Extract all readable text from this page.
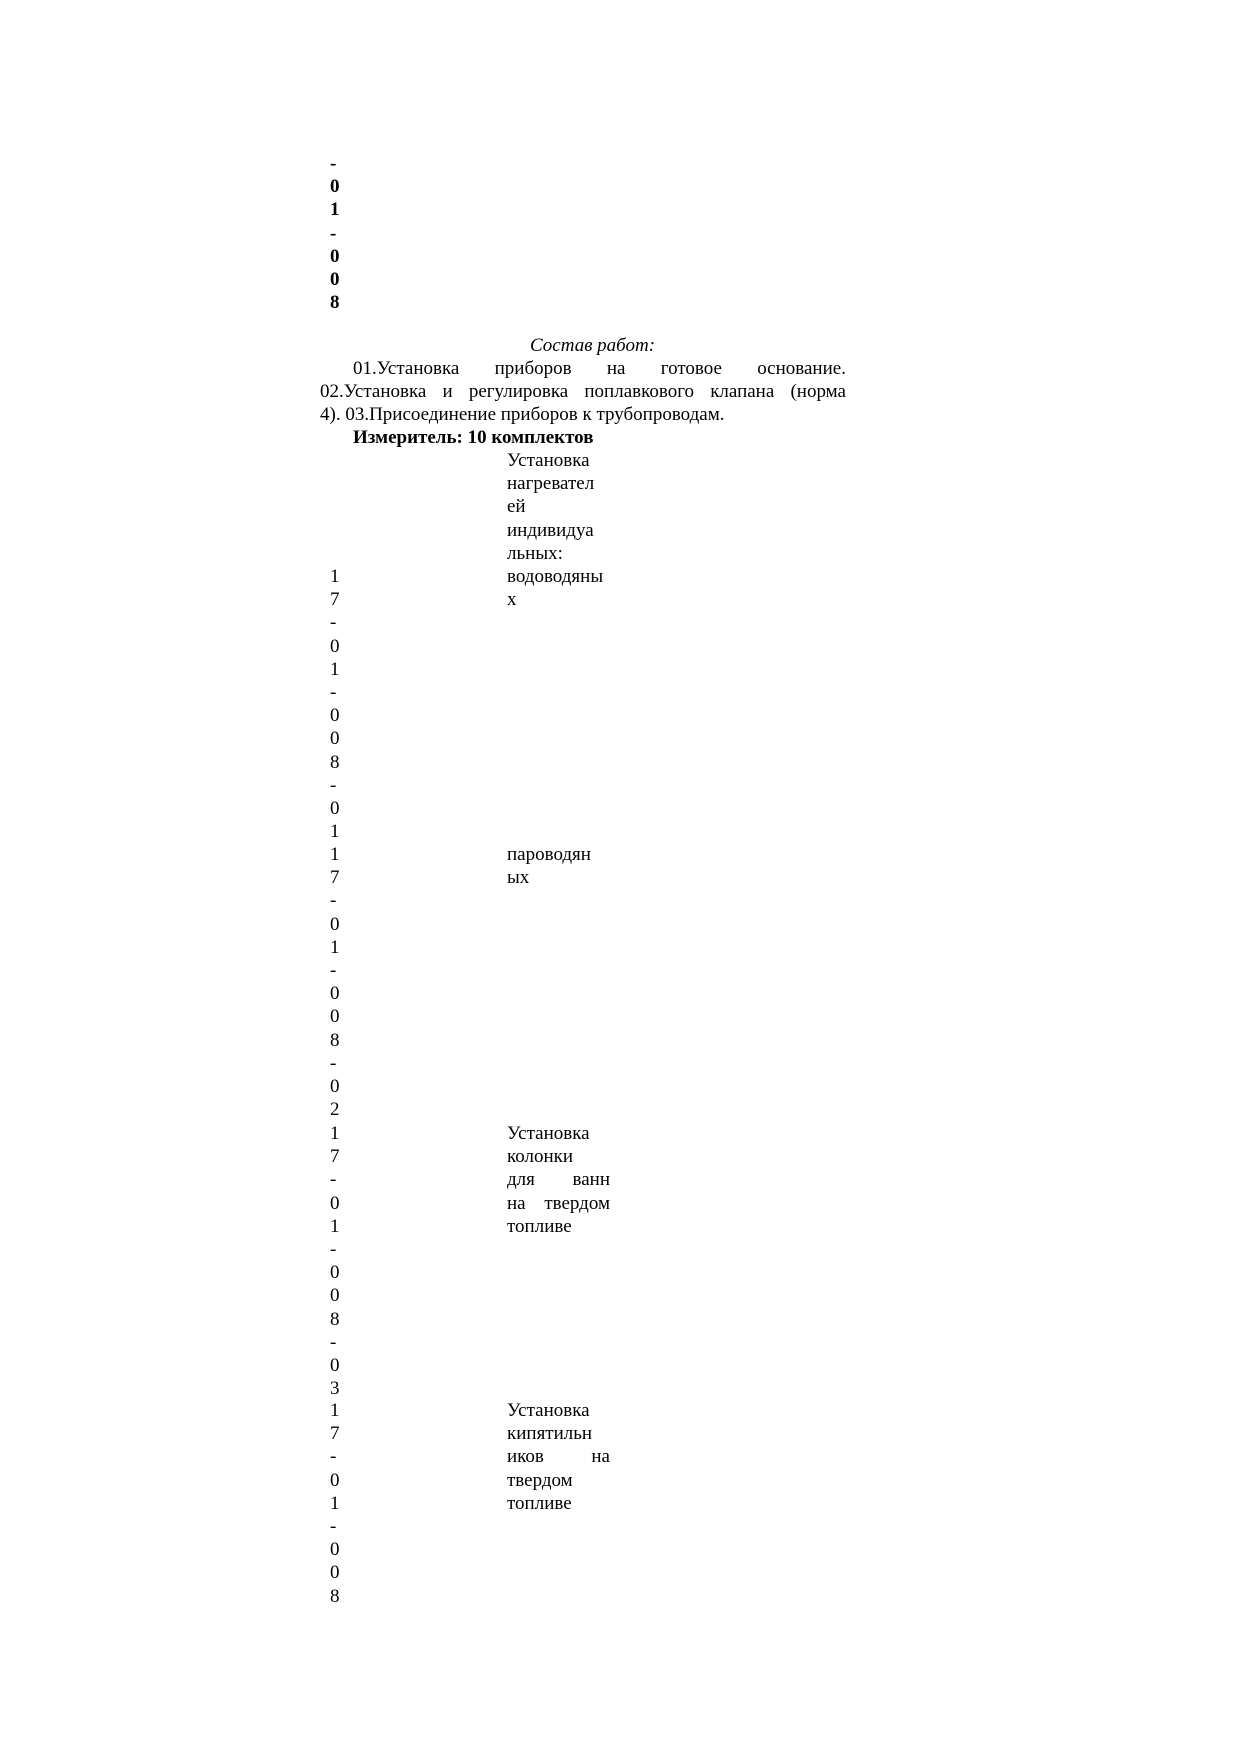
-
0
1
-
0
0
8
Состав работ:
01.Установка приборов на готовое основание.
02.Установка и регулировка поплавкового клапана (норма
4). 03.Присоединение приборов к трубопроводам.
Измеритель: 10 комплектов
1
7
-
0
1
-
0
0
8
-
0
1
Установка
нагревател
ей
индивидуа
льных:
водоводяны
х
1
7
-
0
1
-
0
0
8
-
0
2
пароводян
ых
1
7
-
0
1
-
0
0
8
-
0
3
Установка
колонки
для ванн
на твердом
топливе
1
7
-
0
1
-
0
0
8
Установка
кипятильн
иков на
твердом
топливе
